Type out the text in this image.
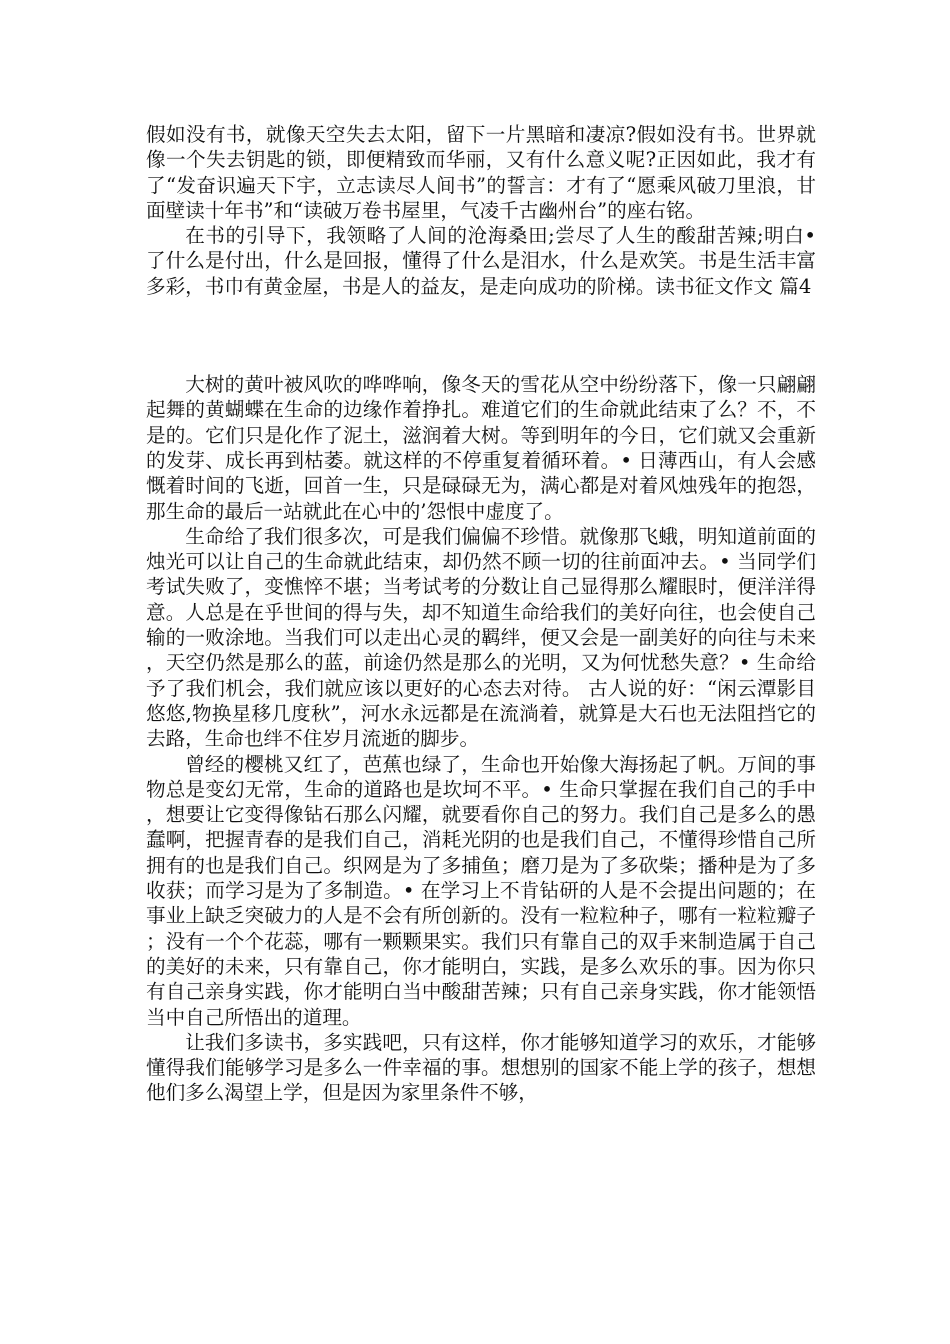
假如没有书，就像天空失去太阳，留下一片黑暗和凄凉?假如没有书。世界就像一个失去钥匙的锁，即便精致而华丽，又有什么意义呢?正因如此，我才有了“发奋识遍天下宇，立志读尽人间书”的誓言：才有了“愿乘风破刀里浪，甘面壁读十年书”和“读破万卷书屋里，气凌千古幽州台”的座右铭。

在书的引导下，我领略了人间的沧海桑田;尝尽了人生的酸甜苦辣;明白•了什么是付出，什么是回报，懂得了什么是泪水，什么是欢笑。书是生活丰富多彩，书巾有黄金屋，书是人的益友，是走向成功的阶梯。读书征文作文 篇4

大树的黄叶被风吹的哗哗响，像冬天的雪花从空中纷纷落下，像一只翩翩起舞的黄蝴蝶在生命的边缘作着挣扎。难道它们的生命就此结束了么？不，不是的。它们只是化作了泥土，滋润着大树。等到明年的今日，它们就又会重新的发芽、成长再到枯萎。就这样的不停重复着循环着。• 日薄西山，有人会感慨着时间的飞逝，回首一生，只是碌碌无为，满心都是对着风烛残年的抱怨，那生命的最后一站就此在心中的’怨恨中虚度了。

生命给了我们很多次，可是我们偏偏不珍惜。就像那飞蛾，明知道前面的烛光可以让自己的生命就此结束，却仍然不顾一切的往前面冲去。• 当同学们考试失败了，变憔悴不堪；当考试考的分数让自己显得那么耀眼时，便洋洋得意。人总是在乎世间的得与失，却不知道生命给我们的美好向往，也会使自己输的一败涂地。当我们可以走出心灵的羁绊，便又会是一副美好的向往与未来，天空仍然是那么的蓝，前途仍然是那么的光明，又为何忧愁失意？• 生命给予了我们机会，我们就应该以更好的心态去对待。 古人说的好：“闲云潭影目悠悠,物换星移几度秋”，河水永远都是在流淌着，就算是大石也无法阻挡它的去路，生命也绊不住岁月流逝的脚步。

曾经的樱桃又红了，芭蕉也绿了，生命也开始像大海扬起了帆。万间的事物总是变幻无常，生命的道路也是坎坷不平。• 生命只掌握在我们自己的手中，想要让它变得像钻石那么闪耀，就要看你自己的努力。我们自己是多么的愚蠢啊，把握青春的是我们自己，消耗光阴的也是我们自己，不懂得珍惜自己所拥有的也是我们自己。织网是为了多捕鱼；磨刀是为了多砍柴；播种是为了多收获；而学习是为了多制造。• 在学习上不肯钻研的人是不会提出问题的；在事业上缺乏突破力的人是不会有所创新的。没有一粒粒种子，哪有一粒粒瓣子；没有一个个花蕊，哪有一颗颗果实。我们只有靠自己的双手来制造属于自己的美好的未来，只有靠自己，你才能明白，实践，是多么欢乐的事。因为你只有自己亲身实践，你才能明白当中酸甜苦辣；只有自己亲身实践，你才能领悟当中自己所悟出的道理。

让我们多读书，多实践吧，只有这样，你才能够知道学习的欢乐，才能够懂得我们能够学习是多么一件幸福的事。想想别的国家不能上学的孩子，想想他们多么渴望上学，但是因为家里条件不够，
